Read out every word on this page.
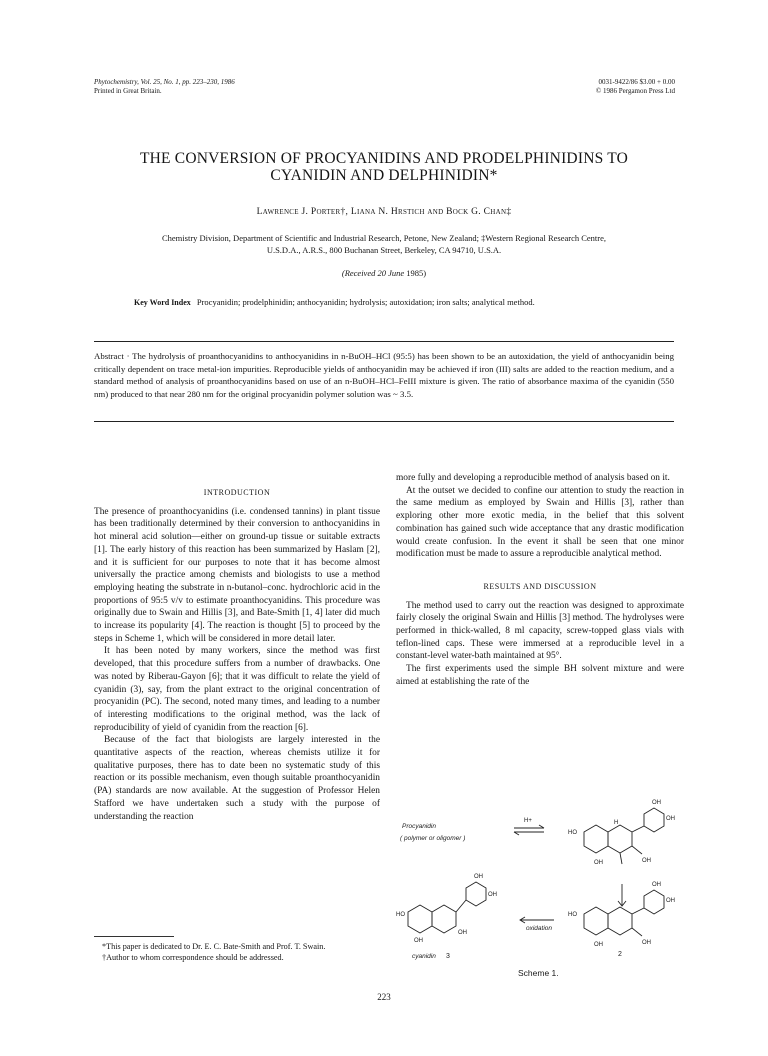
Phytochemistry, Vol. 25, No. 1, pp. 223–230, 1986
Printed in Great Britain.
0031-9422/86 $3.00 + 0.00
© 1986 Pergamon Press Ltd
THE CONVERSION OF PROCYANIDINS AND PRODELPHINIDINS TO
CYANIDIN AND DELPHINIDIN*
Lawrence J. Porter†, Liana N. Hrstich and Bock G. Chan‡
Chemistry Division, Department of Scientific and Industrial Research, Petone, New Zealand; ‡Western Regional Research Centre,
U.S.D.A., A.R.S., 800 Buchanan Street, Berkeley, CA 94710, U.S.A.
(Received 20 June 1985)
Key Word Index Procyanidin; prodelphinidin; anthocyanidin; hydrolysis; autoxidation; iron salts; analytical method.
Abstract · The hydrolysis of proanthocyanidins to anthocyanidins in n-BuOH–HCl (95:5) has been shown to be an autoxidation, the yield of anthocyanidin being critically dependent on trace metal-ion impurities. Reproducible yields of anthocyanidin may be achieved if iron (III) salts are added to the reaction medium, and a standard method of analysis of proanthocyanidins based on use of an n-BuOH–HCl–FeIII mixture is given. The ratio of absorbance maxima of the cyanidin (550 nm) produced to that near 280 nm for the original procyanidin polymer solution was ~ 3.5.
INTRODUCTION

The presence of proanthocyanidins (i.e. condensed tannins) in plant tissue has been traditionally determined by their conversion to anthocyanidins in hot mineral acid solution—either on ground-up tissue or suitable extracts [1]. The early history of this reaction has been summarized by Haslam [2], and it is sufficient for our purposes to note that it has become almost universally the practice among chemists and biologists to use a method employing heating the substrate in n-butanol–conc. hydrochloric acid in the proportions of 95:5 v/v to estimate proanthocyanidins. This procedure was originally due to Swain and Hillis [3], and Bate-Smith [1, 4] later did much to increase its popularity [4]. The reaction is thought [5] to proceed by the steps in Scheme 1, which will be considered in more detail later.

It has been noted by many workers, since the method was first developed, that this procedure suffers from a number of drawbacks. One was noted by Riberau-Gayon [6]; that it was difficult to relate the yield of cyanidin (3), say, from the plant extract to the original concentration of procyanidin (PC). The second, noted many times, and leading to a number of interesting modifications to the original method, was the lack of reproducibility of yield of cyanidin from the reaction [6].

Because of the fact that biologists are largely interested in the quantitative aspects of the reaction, whereas chemists utilize it for qualitative purposes, there has to date been no systematic study of this reaction or its possible mechanism, even though suitable proanthocyanidin (PA) standards are now available. At the suggestion of Professor Helen Stafford we have undertaken such a study with the purpose of understanding the reaction

*This paper is dedicated to Dr. E. C. Bate-Smith and Prof. T. Swain.

†Author to whom correspondence should be addressed.

more fully and developing a reproducible method of analysis based on it.

At the outset we decided to confine our attention to study the reaction in the same medium as employed by Swain and Hillis [3], rather than exploring other more exotic media, in the belief that this solvent combination has gained such wide acceptance that any drastic modification would create confusion. In the event it shall be seen that one minor modification must be made to assure a reproducible analytical method.

RESULTS AND DISCUSSION

The method used to carry out the reaction was designed to approximate fairly closely the original Swain and Hillis [3] method. The hydrolyses were performed in thick-walled, 8 ml capacity, screw-topped glass vials with teflon-lined caps. These were immersed at a reproducible level in a constant-level water-bath maintained at 95°.

The first experiments used the simple BH solvent mixture and were aimed at establishing the rate of the

Procyanidin
( polymer or oligomer )
H+
HO
OH
OH
H
OH	OH
OH
OH
HO
OH	OH
2
oxidation
OH
OH
HO
OH
OH
cyanidin 3
Scheme 1.
223
